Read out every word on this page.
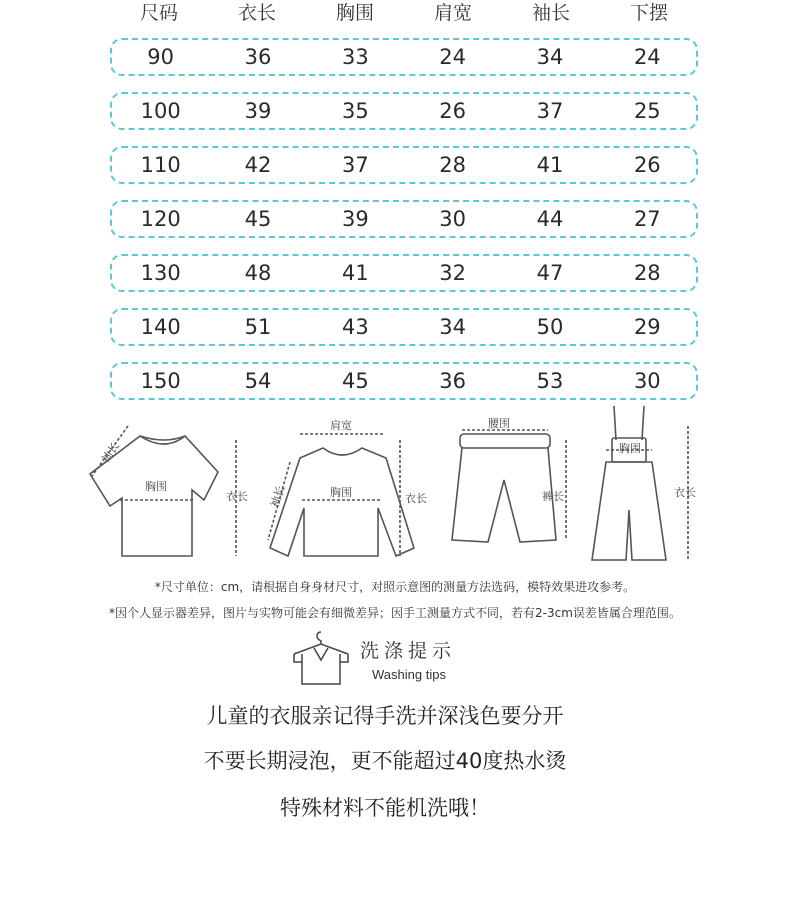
尺码	衣长	胸围	肩宽	袖长	下摆
90	36	33	24	34	24
100	39	35	26	37	25
110	42	37	28	41	26
120	45	39	30	44	27
130	48	41	32	47	28
140	51	43	34	50	29
150	54	45	36	53	30
袖长
胸围
衣长
肩宽
袖长	胸围	衣长
腰围
裤长
胸围
衣长
*尺寸单位：cm，请根据自身身材尺寸，对照示意图的测量方法选码，模特效果进攻参考。
*因个人显示器差异，图片与实物可能会有细微差异；因手工测量方式不同，若有2-3cm误差皆属合理范围。
洗涤提示
Washing tips
儿童的衣服亲记得手洗并深浅色要分开
不要长期浸泡，更不能超过40度热水烫
特殊材料不能机洗哦！
